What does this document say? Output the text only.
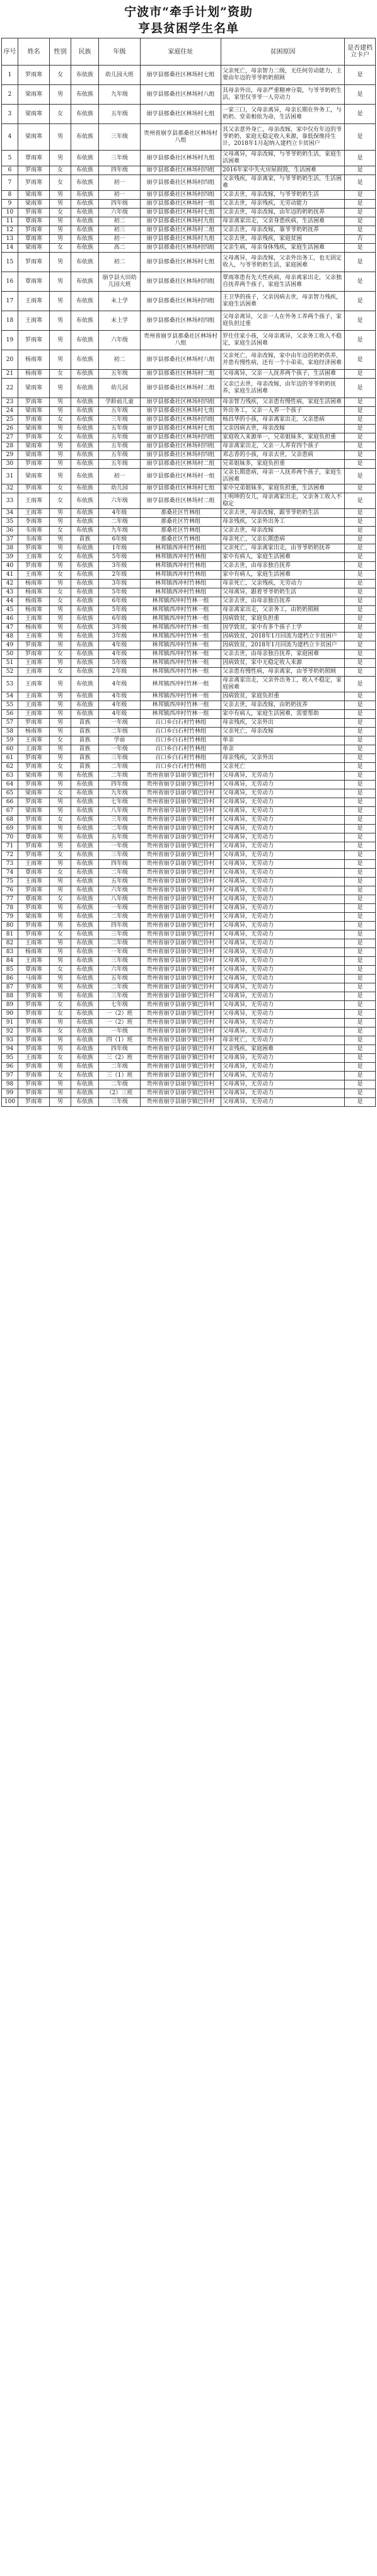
宁波市“牵手计划”资助
亨县贫困学生名单
序号	姓名	性别	民族	年级	家庭住址	贫困原因	是否建档立卡户
1	罗雨寒	女	布依族	幼儿园大班	崩亨县那桑社区林场村七组	父亲死亡，母亲智力二级，无任何劳动能力，主要由年迈的爷爷奶奶照顾	是
2	梁雨寒	男	布依族	九年级	崩亨县那桑社区林场村八组	其母亲外出，母亲严重精神分裂，与爷爷奶奶生活，家里仅爷爷一人劳动力	是
3	梁雨寒	女	布依族	五年级	崩亨县那桑社区林场村七组	一家三口，父母亲离异，母亲长期在外务工，与奶奶、堂弟相依为命，生活困难	是
4	梁雨寒	男	布依族	三年级	贵州省崩亨县那桑社区林场村八组	其父亲意外身亡，母亲改嫁，家中仅有年迈的爷爷奶奶，家庭无稳定收入来源，靠低保维持生计，2018年1月起纳入建档立卡贫困户	是
5	覃雨寒	男	布依族	三年级	崩亨县那桑社区林场村九组	父母离异，母亲改嫁，与爷爷奶奶生活，家庭生活困难	是
6	罗雨寒	女	布依族	四年级	崩亨县那桑社区林场村四组	2016年家中失火房屋损毁，生活困难	是
7	罗雨寒	女	布依族	初一	崩亨县那桑社区林场村四组	父亲残疾，母亲离家，与爷爷奶奶生活，生活困难	是
8	梁雨寒	男	布依族	初一	崩亨县那桑社区林场村四组	父亲去世，母亲改嫁，与爷爷奶奶生活	是
9	梁雨寒	男	布依族	四年级	崩亨县那桑社区林场村一组	父亲去世，母亲残疾，无劳动能力	是
10	罗雨寒	女	布依族	六年级	崩亨县那桑社区林场村七组	父亲去世，母亲改嫁，由年迈的奶奶抚养	是
11	覃雨寒	男	布依族	初二	崩亨县那桑社区林场村九组	母亲离家出走，父亲身患疾病，生活困难	是
12	罗雨寒	男	布依族	初三	崩亨县那桑社区林场村二组	父亲去世，母亲改嫁，靠爷爷奶奶抚养	是
13	覃雨寒	男	布依族	初一	崩亨县那桑社区林场村九组	父亲去世，母亲残疾，家庭贫困	否
14	梁雨寒	女	布依族	高二	崩亨县那桑社区林场村四组	父亲生病，母亲身体残疾，家庭生活困难	是
15	罗雨寒	男	布依族	初二	崩亨县那桑社区林场村七组	父母离异，母亲改嫁，父亲外出务工，也无固定收入，与爷爷奶奶生活，家庭困难	是
16	覃雨寒	男	布依族	崩亨县大田幼儿园大班	崩亨县那桑社区林场村四组	覃雨寒患有先天性疾病，母亲离家出走，父亲独自抚养两个孩子，家庭生活困难	是
17	王雨寒	男	布依族	未上学	崩亨县那桑社区林场村四组	王卫华的孩子，父亲因病去世，母亲智力残疾，家庭生活困难	是
18	王雨寒	男	布依族	未上学	崩亨县那桑社区林场村四组	父母亲离异，父亲一人在外务工养两个孩子，家庭负担过重	是
19	罗雨寒	男	布依族	六年级	贵州省崩亨县那桑社区林场村八组	罗仕佳家小孩，父母亲离异，父亲务工收入不稳定，家庭生活困难	是
20	杨雨寒	男	布依族	初二	崩亨县那桑社区林场村八组	父亲死亡，母亲改嫁，家中由年迈的奶奶供养，并患有慢性病，还有一个小弟弟，家庭经济困难	是
21	杨雨寒	女	布依族	五年级	崩亨县那桑社区林场村二组	父母离异，父亲一人抚养两个孩子，生活困难	是
22	梁雨寒	男	布依族	幼儿园	崩亨县那桑社区林场村二组	父亲已去世，母亲改嫁，由年迈的爷爷奶奶抚养，家庭生活困难	是
23	罗雨寒	男	布依族	学龄前儿童	崩亨县那桑社区林场村四组	母亲智力残疾，父亲患有慢性病，家庭生活困难	是
24	梁雨寒	男	布依族	五年级	崩亨县那桑社区林场村七组	外出务工，父亲一人养一个孩子	是
25	罗雨寒	女	布依族	三年级	崩亨县那桑社区林场村四组	杨昌华的小孩，母亲离家出走，父亲患病	是
26	梁雨寒	男	布依族	五年级	崩亨县那桑社区林场村七组	父亲因病去世，母亲改嫁	是
27	罗雨寒	女	布依族	五年级	崩亨县那桑社区林场村四组	家庭收入来源单一，兄弟姐妹多，家庭负担重	是
28	梁雨寒	男	布依族	五年级	崩亨县那桑社区林场村四组	母亲离家出走，父亲一人养育四个孩子	是
29	梁雨寒	男	布依族	五年级	崩亨县那桑社区林场村四组	邓志香的小孩，母亲去世，父亲患病	是
30	罗雨寒	男	布依族	五年级	崩亨县那桑社区林场村二组	兄弟姐妹多，家庭负担重	是
31	梁雨寒	男	布依族	初一	崩亨县那桑社区林场村一组	父亲长期患病，母亲一人抚养两个孩子，家庭生活困难	是
32	罗雨寒	女	布依族	幼儿园	崩亨县那桑社区林场村七组	家中兄弟姐妹多，家庭负担重，生活困难	是
33	王雨寒	女	布依族	六年级	崩亨县那桑社区林场村二组	王明坤的女儿，母亲离家出走，父亲务工收入不稳定	是
34	王雨寒	男	布依族	4年级	那桑社区竹林组	父亲去世，母亲改嫁，跟爷爷奶奶生活	是
35	李雨寒	男	布依族	二年级	那桑社区竹林组	母亲残疾，父亲外出务工	是
36	韦雨寒	女	布依族	九年级	那桑社区竹林组	父亲去世，母亲改嫁	是
37	韦雨寒	男	苗族	6年级	那桑社区竹林组	母亲死亡，父亲长期患病	是
38	罗雨寒	男	布依族	1年级	林邦镇西冲村竹林组	父亲死亡，母亲离家出走，由爷爷奶奶抚养	是
39	王雨寒	女	布依族	5年级	林邦镇西冲村竹林组	家中有病人，家庭生活困难	是
40	罗雨寒	男	布依族	3年级	林邦镇西冲村竹林组	父亲去世，由母亲独自抚养	是
41	王雨寒	女	布依族	2年级	林邦镇西冲村竹林组	家中有病人，家庭生活困难	是
42	杨雨寒	男	布依族	3年级	林邦镇西冲村竹林组	母亲死亡，父亲残疾，无劳动力	是
43	杨雨寒	女	布依族	5年级	林邦镇西冲村竹林组	父母离异，跟着爷爷奶奶生活	是
44	杨雨寒	女	布依族	6年级	林邦镇西冲村竹林一组	父亲去世，由母亲独自抚养	是
45	杨雨寒	男	布依族	5年级	林邦镇西冲村竹林一组	母亲离家出走，父亲务工，由奶奶照顾	是
46	王雨寒	男	布依族	6年级	林邦镇西冲村竹林一组	因病致贫，家庭负担重	是
47	杨雨寒	男	布依族	3年级	林邦镇西冲村竹林一组	因学致贫，家中有多个孩子上学	是
48	王雨寒	男	布依族	3年级	林邦镇西冲村竹林一组	因病致贫，2018年1月回流为建档立卡贫困户	是
49	罗雨寒	男	布依族	4年级	林邦镇西冲村竹林一组	因病致贫，2018年1月回流为建档立卡贫困户	是
50	罗雨寒	女	布依族	4年级	林邦镇西冲村竹林一组	父亲去世，由母亲独自抚养，家庭困难	是
51	王雨寒	男	布依族	5年级	林邦镇西冲村竹林一组	因病致贫，家中无稳定收入来源	是
52	王雨寒	女	布依族	2年级	林邦镇西冲村竹林一组	父亲患有慢性病，母亲离家，由爷爷奶奶照顾	是
53	王雨寒	男	布依族	4年级	林邦镇西冲村竹林一组	母亲离家出走，父亲外出务工，收入不稳定，家庭困难	是
54	王雨寒	男	布依族	4年级	林邦镇西冲村竹林一组	因病致贫，家庭负担重	是
55	王雨寒	男	布依族	4年级	林邦镇西冲村竹林一组	父亲去世，母亲改嫁，由奶奶抚养	是
56	王雨寒	男	布依族	4年级	林邦镇西冲村竹林一组	家中有病人，家庭生活困难，需要帮助	是
57	罗雨寒	男	苗族	一年级	百口乡白石村竹林组	母亲残疾，父亲外出	是
58	杨雨寒	男	苗族	二年级	百口乡白石村竹林组	父亲死亡，母亲改嫁	是
59	王雨寒	女	苗族	学前	百口乡白石村竹林组	单亲	是
60	王雨寒	男	苗族	一年级	百口乡白石村竹林组	单亲	是
61	罗雨寒	男	苗族	三年级	百口乡白石村竹林组	母亲残疾，父亲外出	是
62	罗雨寒	女	苗族	二年级	百口乡白石村竹林组	父亲死亡	是
63	梁雨寒	男	布依族	二年级	贵州省崩亨县崩亨镇巴铃村	父母离异，无劳动力	是
64	罗雨寒	男	布依族	四年级	贵州省崩亨县崩亨镇巴铃村	父母离异，无劳动力	是
65	梁雨寒	女	布依族	九年级	贵州省崩亨县崩亨镇巴铃村	父母离异，无劳动力	是
66	罗雨寒	男	布依族	七年级	贵州省崩亨县崩亨镇巴铃村	父母离异，无劳动力	是
67	梁雨寒	男	布依族	八年级	贵州省崩亨县崩亨镇巴铃村	父母离异，无劳动力	是
68	罗雨寒	女	布依族	三年级	贵州省崩亨县崩亨镇巴铃村	父母离异，无劳动力	是
69	罗雨寒	男	布依族	二年级	贵州省崩亨县崩亨镇巴铃村	父母离异，无劳动力	是
70	覃雨寒	男	布依族	五年级	贵州省崩亨县崩亨镇巴铃村	父母离异，无劳动力	是
71	罗雨寒	男	布依族	一年级	贵州省崩亨县崩亨镇巴铃村	父母离异，无劳动力	是
72	罗雨寒	女	布依族	三年级	贵州省崩亨县崩亨镇巴铃村	父母离异，无劳动力	是
73	王雨寒	男	布依族	四年级	贵州省崩亨县崩亨镇巴铃村	父母离异，无劳动力	是
74	覃雨寒	女	布依族	二年级	贵州省崩亨县崩亨镇巴铃村	父母离异，无劳动力	是
75	王雨寒	男	布依族	五年级	贵州省崩亨县崩亨镇巴铃村	父母离异，无劳动力	是
76	罗雨寒	男	布依族	六年级	贵州省崩亨县崩亨镇巴铃村	父母离异，无劳动力	是
77	覃雨寒	女	布依族	八年级	贵州省崩亨县崩亨镇巴铃村	父母离异，无劳动力	是
78	罗雨寒	男	布依族	一年级	贵州省崩亨县崩亨镇巴铃村	父母离异，无劳动力	是
79	梁雨寒	男	布依族	二年级	贵州省崩亨县崩亨镇巴铃村	父母离异，无劳动力	是
80	罗雨寒	男	布依族	四年级	贵州省崩亨县崩亨镇巴铃村	父母离异，无劳动力	是
81	罗雨寒	女	布依族	三年级	贵州省崩亨县崩亨镇巴铃村	父母离异，无劳动力	是
82	王雨寒	男	布依族	二年级	贵州省崩亨县崩亨镇巴铃村	父母离异，无劳动力	是
83	杨雨寒	男	布依族	一年级	贵州省崩亨县崩亨镇巴铃村	父母离异，无劳动力	是
84	王雨寒	男	布依族	三年级	贵州省崩亨县崩亨镇巴铃村	父母离异，无劳动力	是
85	覃雨寒	女	布依族	六年级	贵州省崩亨县崩亨镇巴铃村	父母离异，无劳动力	是
86	马雨寒	男	布依族	五年级	贵州省崩亨县崩亨镇巴铃村	父母离异，无劳动力	是
87	罗雨寒	男	布依族	二年级	贵州省崩亨县崩亨镇巴铃村	父母离异，无劳动力	是
88	罗雨寒	男	布依族	三年级	贵州省崩亨县崩亨镇巴铃村	父母离异，无劳动力	是
89	罗雨寒	女	布依族	七年级	贵州省崩亨县崩亨镇巴铃村	父母离异，无劳动力	是
90	罗雨寒	女	布依族	一（2）班	贵州省崩亨县崩亨镇巴铃村	父母离异，无劳动力	是
91	罗雨寒	男	布依族	一（2）班	贵州省崩亨县崩亨镇巴铃村	父母离异，无劳动力	是
92	罗雨寒	女	布依族	一年级	贵州省崩亨县崩亨镇巴铃村	父母离异，无劳动力	是
93	罗雨寒	男	布依族	四（1）班	贵州省崩亨县崩亨镇巴铃村	母亲死亡，无劳动力	是
94	罗雨寒	男	布依族	四年级	贵州省崩亨县崩亨镇巴铃村	父亲残疾，家庭困难	是
95	王雨寒	女	布依族	三（2）班	贵州省崩亨县崩亨镇巴铃村	父母离异，无劳动力	是
96	罗雨寒	男	布依族	二年级	贵州省崩亨县崩亨镇巴铃村	父母离异，无劳动力	是
97	罗雨寒	女	布依族	三（1）班	贵州省崩亨县崩亨镇巴铃村	父母离异，无劳动力	是
98	罗雨寒	男	布依族	二年级	贵州省崩亨县崩亨镇巴铃村	父母离异，无劳动力	是
99	罗雨寒	男	布依族	（2）三班	贵州省崩亨县崩亨镇巴铃村	父母离异，无劳动力	是
100	罗雨寒	男	布依族	三年级	贵州省崩亨县崩亨镇巴铃村	父母离异，无劳动力	是
